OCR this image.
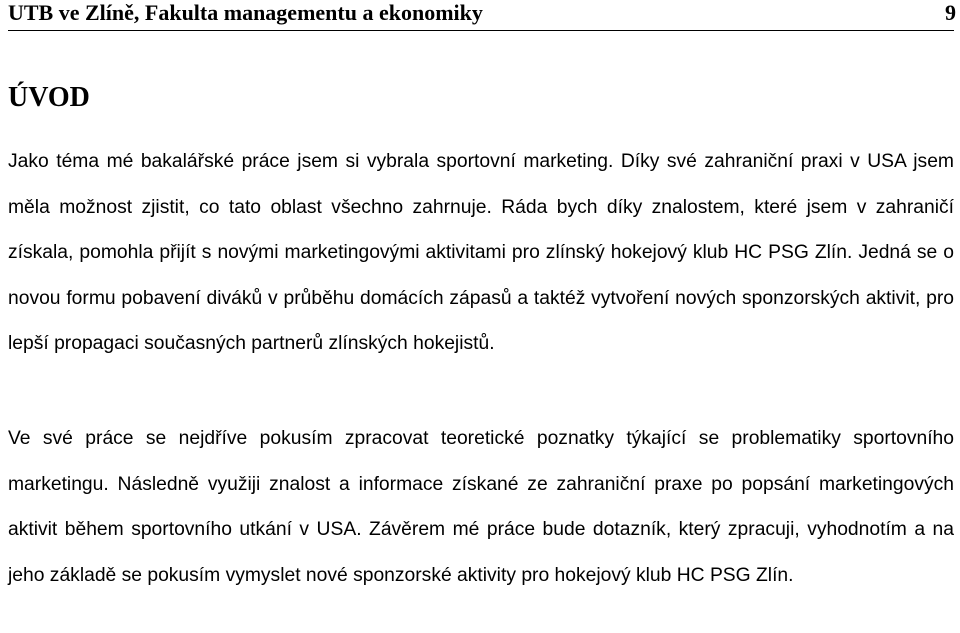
UTB ve Zlíně, Fakulta managementu a ekonomiky	9
ÚVOD

Jako téma mé bakalářské práce jsem si vybrala sportovní marketing. Díky své zahraniční praxi v USA jsem měla možnost zjistit, co tato oblast všechno zahrnuje. Ráda bych díky znalostem, které jsem v zahraničí získala, pomohla přijít s novými marketingovými aktivitami pro zlínský hokejový klub HC PSG Zlín. Jedná se o novou formu pobavení diváků v průběhu domácích zápasů a taktéž vytvoření nových sponzorských aktivit, pro lepší propagaci současných partnerů zlínských hokejistů.

Ve své práce se nejdříve pokusím zpracovat teoretické poznatky týkající se problematiky sportovního marketingu. Následně využiji znalost a informace získané ze zahraniční praxe po popsání marketingových aktivit během sportovního utkání v USA. Závěrem mé práce bude dotazník, který zpracuji, vyhodnotím a na jeho základě se pokusím vymyslet nové sponzorské aktivity pro hokejový klub HC PSG Zlín.
